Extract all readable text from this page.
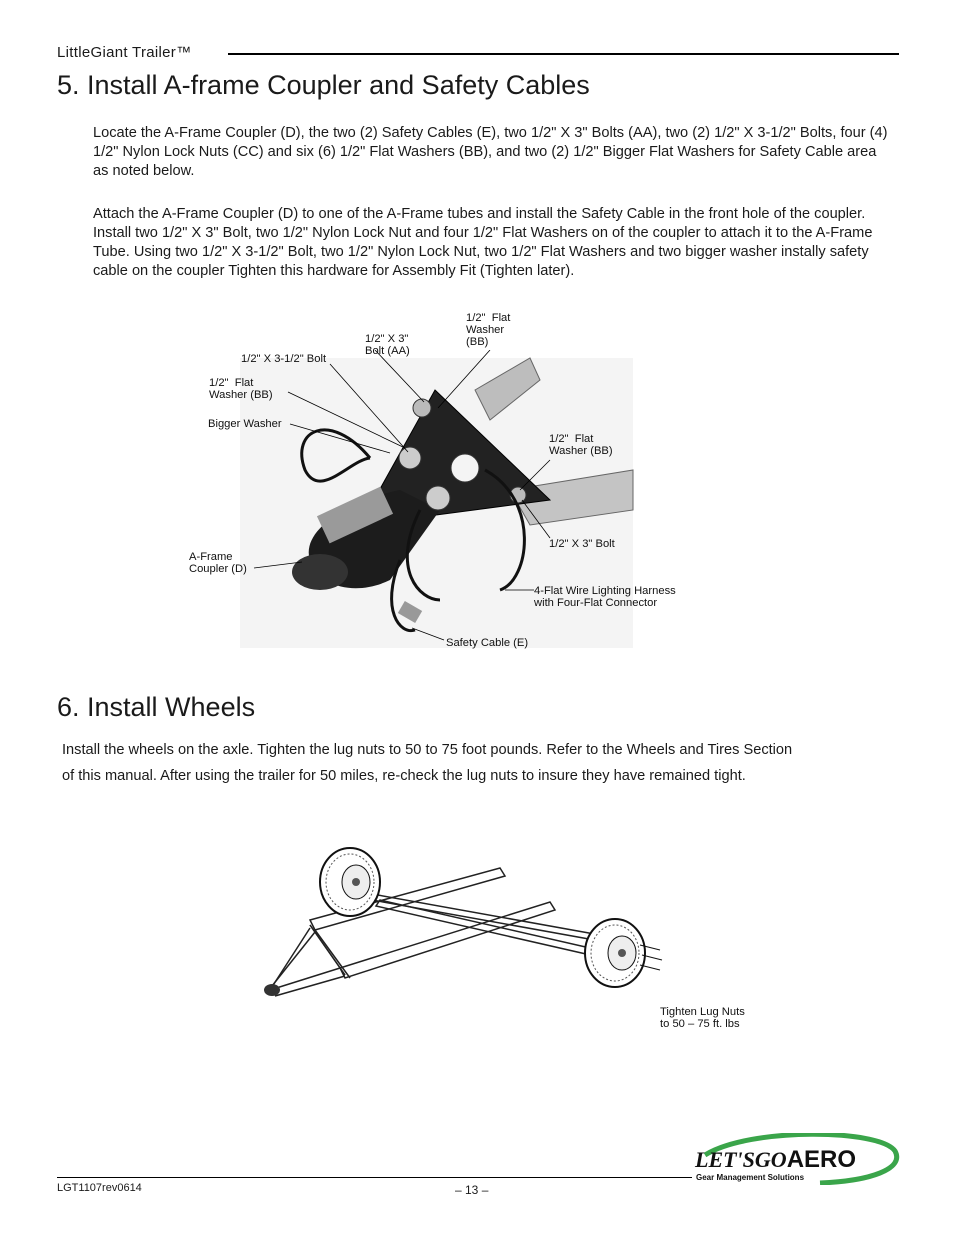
LittleGiant Trailer™
5. Install A-frame Coupler and Safety Cables
Locate the A-Frame Coupler (D), the two (2) Safety Cables (E), two 1/2" X 3" Bolts (AA), two (2) 1/2" X 3-1/2" Bolts, four (4) 1/2" Nylon Lock Nuts (CC) and six (6) 1/2" Flat Washers (BB), and two (2) 1/2" Bigger Flat Washers for Safety Cable area as noted below.
Attach the A-Frame Coupler (D) to one of the A-Frame tubes and install the Safety Cable in the front hole of the coupler. Install two 1/2" X 3" Bolt, two 1/2" Nylon Lock Nut and four 1/2" Flat Washers on of the coupler to attach it to the A-Frame Tube. Using two 1/2" X 3-1/2" Bolt, two 1/2" Nylon Lock Nut, two 1/2" Flat Washers and two bigger washer instally safety cable on the coupler Tighten this hardware for Assembly Fit (Tighten later).
1/2"  Flat
Washer
(BB)
1/2" X 3"
Bolt (AA)
1/2" X 3-1/2" Bolt
1/2"  Flat
Washer (BB)
Bigger Washer
1/2"  Flat
Washer (BB)
1/2" X 3" Bolt
A-Frame
Coupler (D)
4-Flat Wire Lighting Harness
with Four-Flat Connector
Safety Cable (E)
6. Install Wheels
Install the wheels on the axle. Tighten the lug nuts to 50 to 75 foot pounds. Refer to the Wheels and Tires Section
of this manual. After using the trailer for 50 miles, re-check the lug nuts to insure they have remained tight.
Tighten Lug Nuts
to 50 – 75 ft. lbs
LGT1107rev0614	– 13 –
LET'SGOAERO
Gear Management Solutions
